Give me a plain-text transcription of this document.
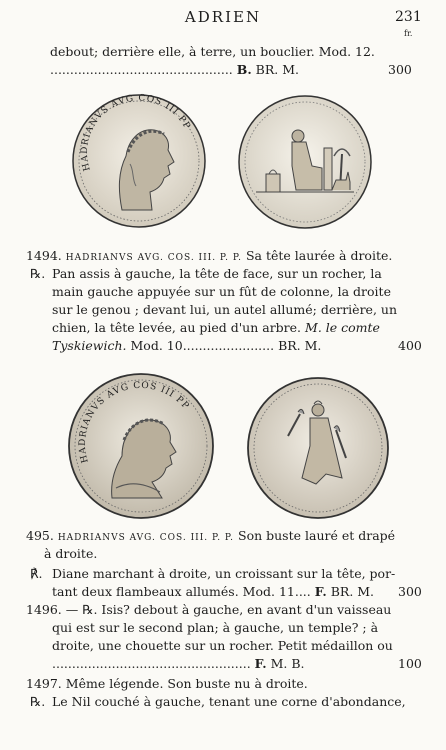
ADRIEN	231
fr.
debout; derrière elle, à terre, un bouclier. Mod. 12.
.............................................. B. BR. M.	300
HADRIANVS AVG COS III PP
1494. HADRIANVS AVG. COS. III. P. P. Sa tête laurée à droite.
℞. Pan assis à gauche, la tête de face, sur un rocher, la
main gauche appuyée sur un fût de colonne, la droite
sur le genou ; devant lui, un autel allumé; derrière, un
chien, la tête levée, au pied d'un arbre. M. le comte
Tyskiewich. Mod. 10....................... BR. M.	400
HADRIANVS AVG COS III PP
495. HADRIANVS AVG. COS. III. P. P. Son buste lauré et drapé
à droite.
℟. Diane marchant à droite, un croissant sur la tête, por-
tant deux flambeaux allumés. Mod. 11.... F. BR. M. 300
1496. — ℞. Isis? debout à gauche, en avant d'un vaisseau
qui est sur le second plan; à gauche, un temple? ; à
droite, une chouette sur un rocher. Petit médaillon ou
.................................................. F. M. B.	100
1497. Même légende. Son buste nu à droite.
℞. Le Nil couché à gauche, tenant une corne d'abondance,
